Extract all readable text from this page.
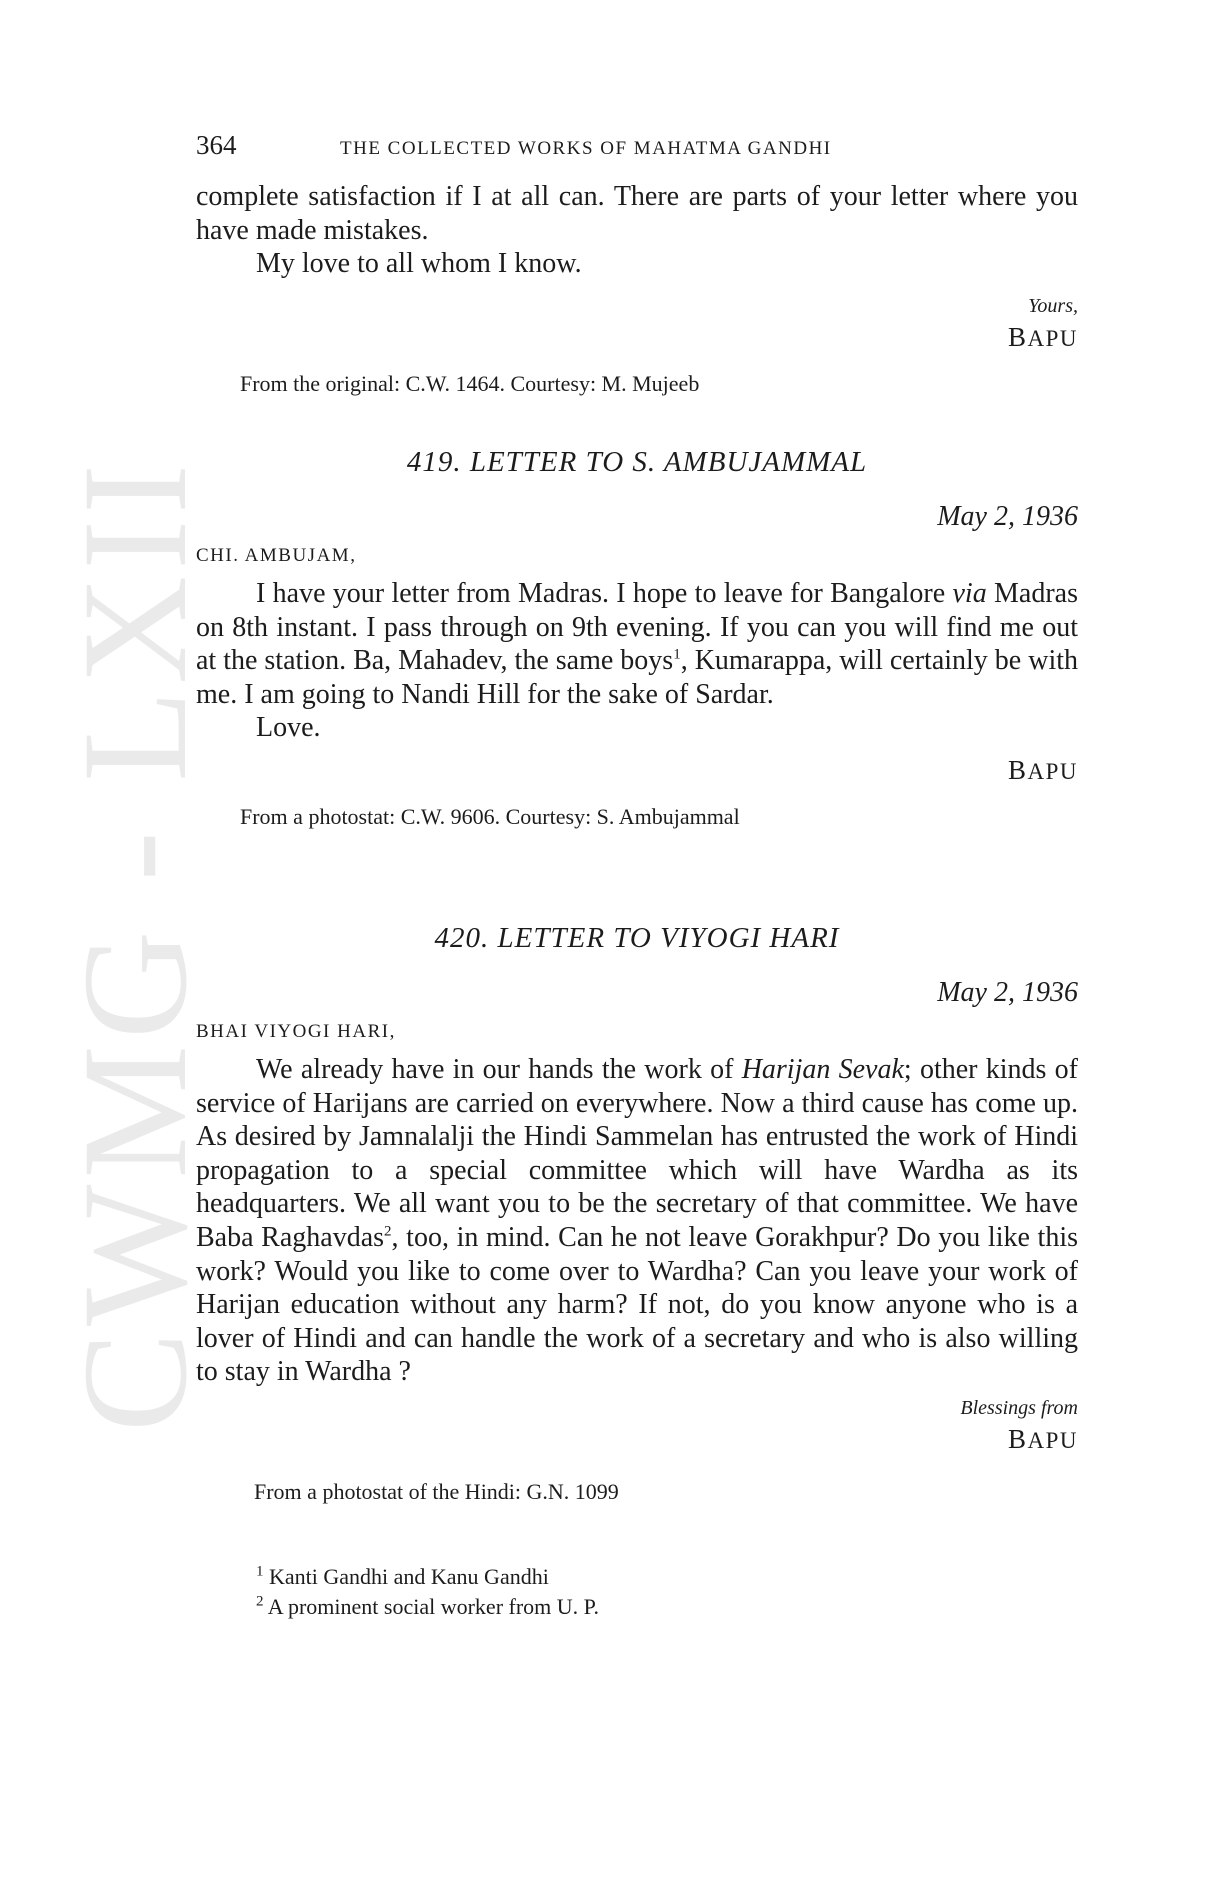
CWMG - LXII
364	THE COLLECTED WORKS OF MAHATMA GANDHI

complete satisfaction if I at all can. There are parts of your letter where you have made mistakes.

My love to all whom I know.

Yours,

BAPU

From the original: C.W. 1464. Courtesy: M. Mujeeb

419. LETTER TO S. AMBUJAMMAL

May 2, 1936

CHI. AMBUJAM,

I have your letter from Madras. I hope to leave for Bangalore via Madras on 8th instant. I pass through on 9th evening. If you can you will find me out at the station. Ba, Mahadev, the same boys$^1$, Kumarappa, will certainly be with me. I am going to Nandi Hill for the sake of Sardar.

Love.

BAPU

From a photostat: C.W. 9606. Courtesy: S. Ambujammal

420. LETTER TO VIYOGI HARI

May 2, 1936

BHAI VIYOGI HARI,

We already have in our hands the work of Harijan Sevak; other kinds of service of Harijans are carried on everywhere. Now a third cause has come up. As desired by Jamnalalji the Hindi Sammelan has entrusted the work of Hindi propagation to a special committee which will have Wardha as its headquarters. We all want you to be the secretary of that committee. We have Baba Raghavdas$^2$, too, in mind. Can he not leave Gorakhpur? Do you like this work? Would you like to come over to Wardha? Can you leave your work of Harijan education without any harm? If not, do you know anyone who is a lover of Hindi and can handle the work of a secretary and who is also willing to stay in Wardha ?

Blessings from

BAPU

From a photostat of the Hindi: G.N. 1099

$^1$ Kanti Gandhi and Kanu Gandhi

$^2$ A prominent social worker from U. P.
